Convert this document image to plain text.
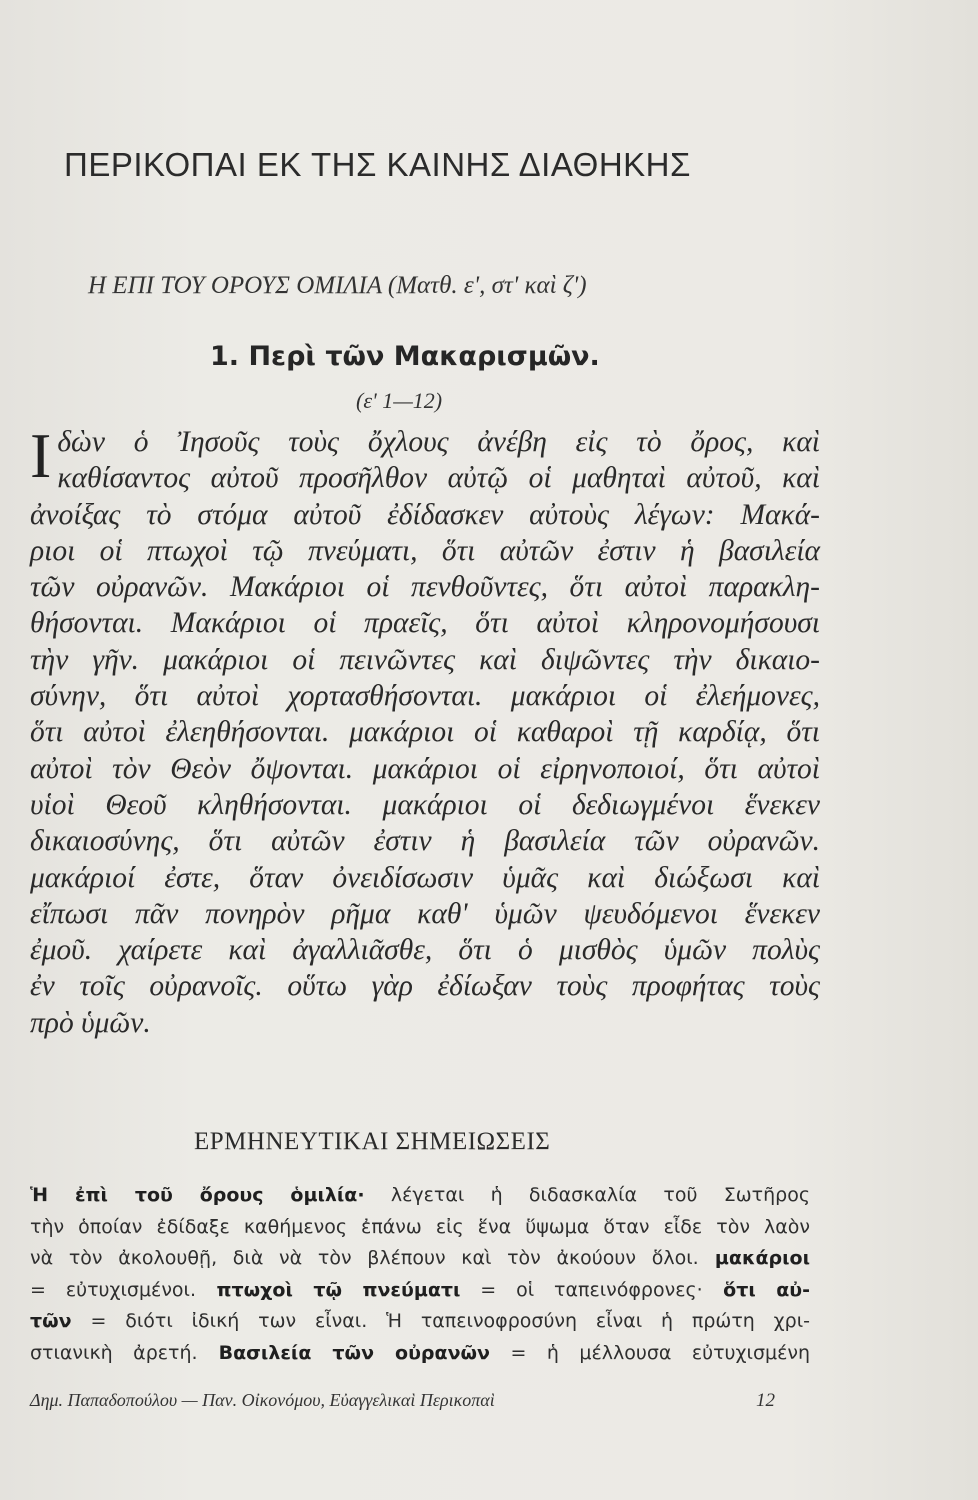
ΠΕΡΙΚΟΠΑΙ ΕΚ ΤΗΣ ΚΑΙΝΗΣ ΔΙΑΘΗΚΗΣ
Η ΕΠΙ ΤΟΥ ΟΡΟΥΣ ΟΜΙΛΙΑ (Ματθ. ε', στ' καὶ ζ')
1. Περὶ τῶν Μακαρισμῶν.
(ε' 1—12)
Ι δὼν ὁ Ἰησοῦς τοὺς ὄχλους ἀνέβη εἰς τὸ ὄρος, καὶ
καθίσαντος αὐτοῦ προσῆλθον αὐτῷ οἱ μαθηταὶ αὐτοῦ, καὶ
ἀνοίξας τὸ στόμα αὐτοῦ ἐδίδασκεν αὐτοὺς λέγων: Μακά-
ριοι οἱ πτωχοὶ τῷ πνεύματι, ὅτι αὐτῶν ἐστιν ἡ βασιλεία
τῶν οὐρανῶν. Μακάριοι οἱ πενθοῦντες, ὅτι αὐτοὶ παρακλη-
θήσονται. Μακάριοι οἱ πραεῖς, ὅτι αὐτοὶ κληρονομήσουσι
τὴν γῆν. μακάριοι οἱ πεινῶντες καὶ διψῶντες τὴν δικαιο-
σύνην, ὅτι αὐτοὶ χορτασθήσονται. μακάριοι οἱ ἐλεήμονες,
ὅτι αὐτοὶ ἐλεηθήσονται. μακάριοι οἱ καθαροὶ τῇ καρδίᾳ, ὅτι
αὐτοὶ τὸν Θεὸν ὄψονται. μακάριοι οἱ εἰρηνοποιοί, ὅτι αὐτοὶ
υἱοὶ Θεοῦ κληθήσονται. μακάριοι οἱ δεδιωγμένοι ἕνεκεν
δικαιοσύνης, ὅτι αὐτῶν ἐστιν ἡ βασιλεία τῶν οὐρανῶν.
μακάριοί ἐστε, ὅταν ὀνειδίσωσιν ὑμᾶς καὶ διώξωσι καὶ
εἴπωσι πᾶν πονηρὸν ρῆμα καθ' ὑμῶν ψευδόμενοι ἕνεκεν
ἐμοῦ. χαίρετε καὶ ἀγαλλιᾶσθε, ὅτι ὁ μισθὸς ὑμῶν πολὺς
ἐν τοῖς οὐρανοῖς. οὕτω γὰρ ἐδίωξαν τοὺς προφήτας τοὺς
πρὸ ὑμῶν.
ΕΡΜΗΝΕΥΤΙΚΑΙ ΣΗΜΕΙΩΣΕΙΣ
Ἡ ἐπὶ τοῦ ὄρους ὁμιλία· λέγεται ἡ διδασκαλία τοῦ Σωτῆρος
τὴν ὁποίαν ἐδίδαξε καθήμενος ἐπάνω εἰς ἕνα ὕψωμα ὅταν εἶδε τὸν λαὸν
νὰ τὸν ἀκολουθῇ, διὰ νὰ τὸν βλέπουν καὶ τὸν ἀκούουν ὅλοι. μακάριοι
= εὐτυχισμένοι. πτωχοὶ τῷ πνεύματι = οἱ ταπεινόφρονες· ὅτι αὐ-
τῶν = διότι ἰδική των εἶναι. Ἡ ταπεινοφροσύνη εἶναι ἡ πρώτη χρι-
στιανικὴ ἀρετή. Βασιλεία τῶν οὐρανῶν = ἡ μέλλουσα εὐτυχισμένη
Δημ. Παπαδοπούλου — Παν. Οἰκονόμου, Εὐαγγελικαὶ Περικοπαὶ	12
